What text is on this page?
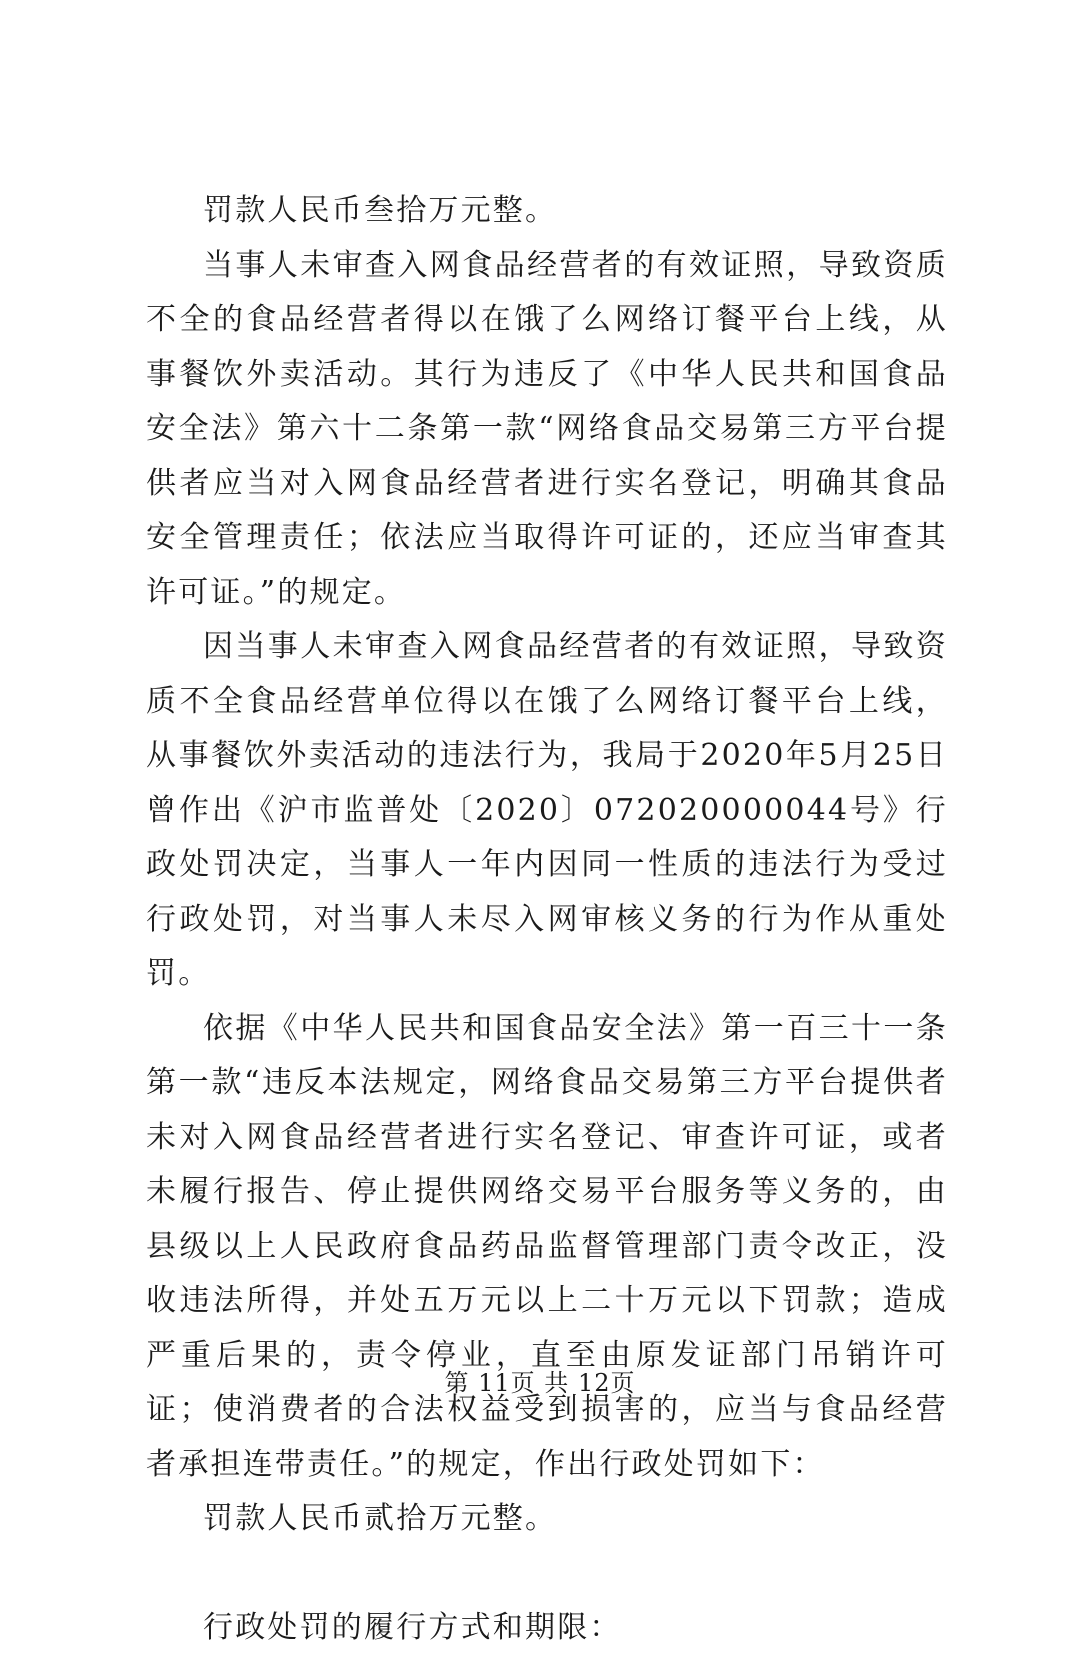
罚款人民币叁拾万元整。

当事人未审查入网食品经营者的有效证照，导致资质不全的食品经营者得以在饿了么网络订餐平台上线，从事餐饮外卖活动。其行为违反了《中华人民共和国食品安全法》第六十二条第一款“网络食品交易第三方平台提供者应当对入网食品经营者进行实名登记，明确其食品安全管理责任；依法应当取得许可证的，还应当审查其许可证。”的规定。

因当事人未审查入网食品经营者的有效证照，导致资质不全食品经营单位得以在饿了么网络订餐平台上线，从事餐饮外卖活动的违法行为，我局于2020年5月25日曾作出《沪市监普处〔2020〕072020000044号》行政处罚决定，当事人一年内因同一性质的违法行为受过行政处罚，对当事人未尽入网审核义务的行为作从重处罚。

依据《中华人民共和国食品安全法》第一百三十一条第一款“违反本法规定，网络食品交易第三方平台提供者未对入网食品经营者进行实名登记、审查许可证，或者未履行报告、停止提供网络交易平台服务等义务的，由县级以上人民政府食品药品监督管理部门责令改正，没收违法所得，并处五万元以上二十万元以下罚款；造成严重后果的，责令停业，直至由原发证部门吊销许可证；使消费者的合法权益受到损害的，应当与食品经营者承担连带责任。”的规定，作出行政处罚如下：

罚款人民币贰拾万元整。

行政处罚的履行方式和期限：

第 11页 共 12页
